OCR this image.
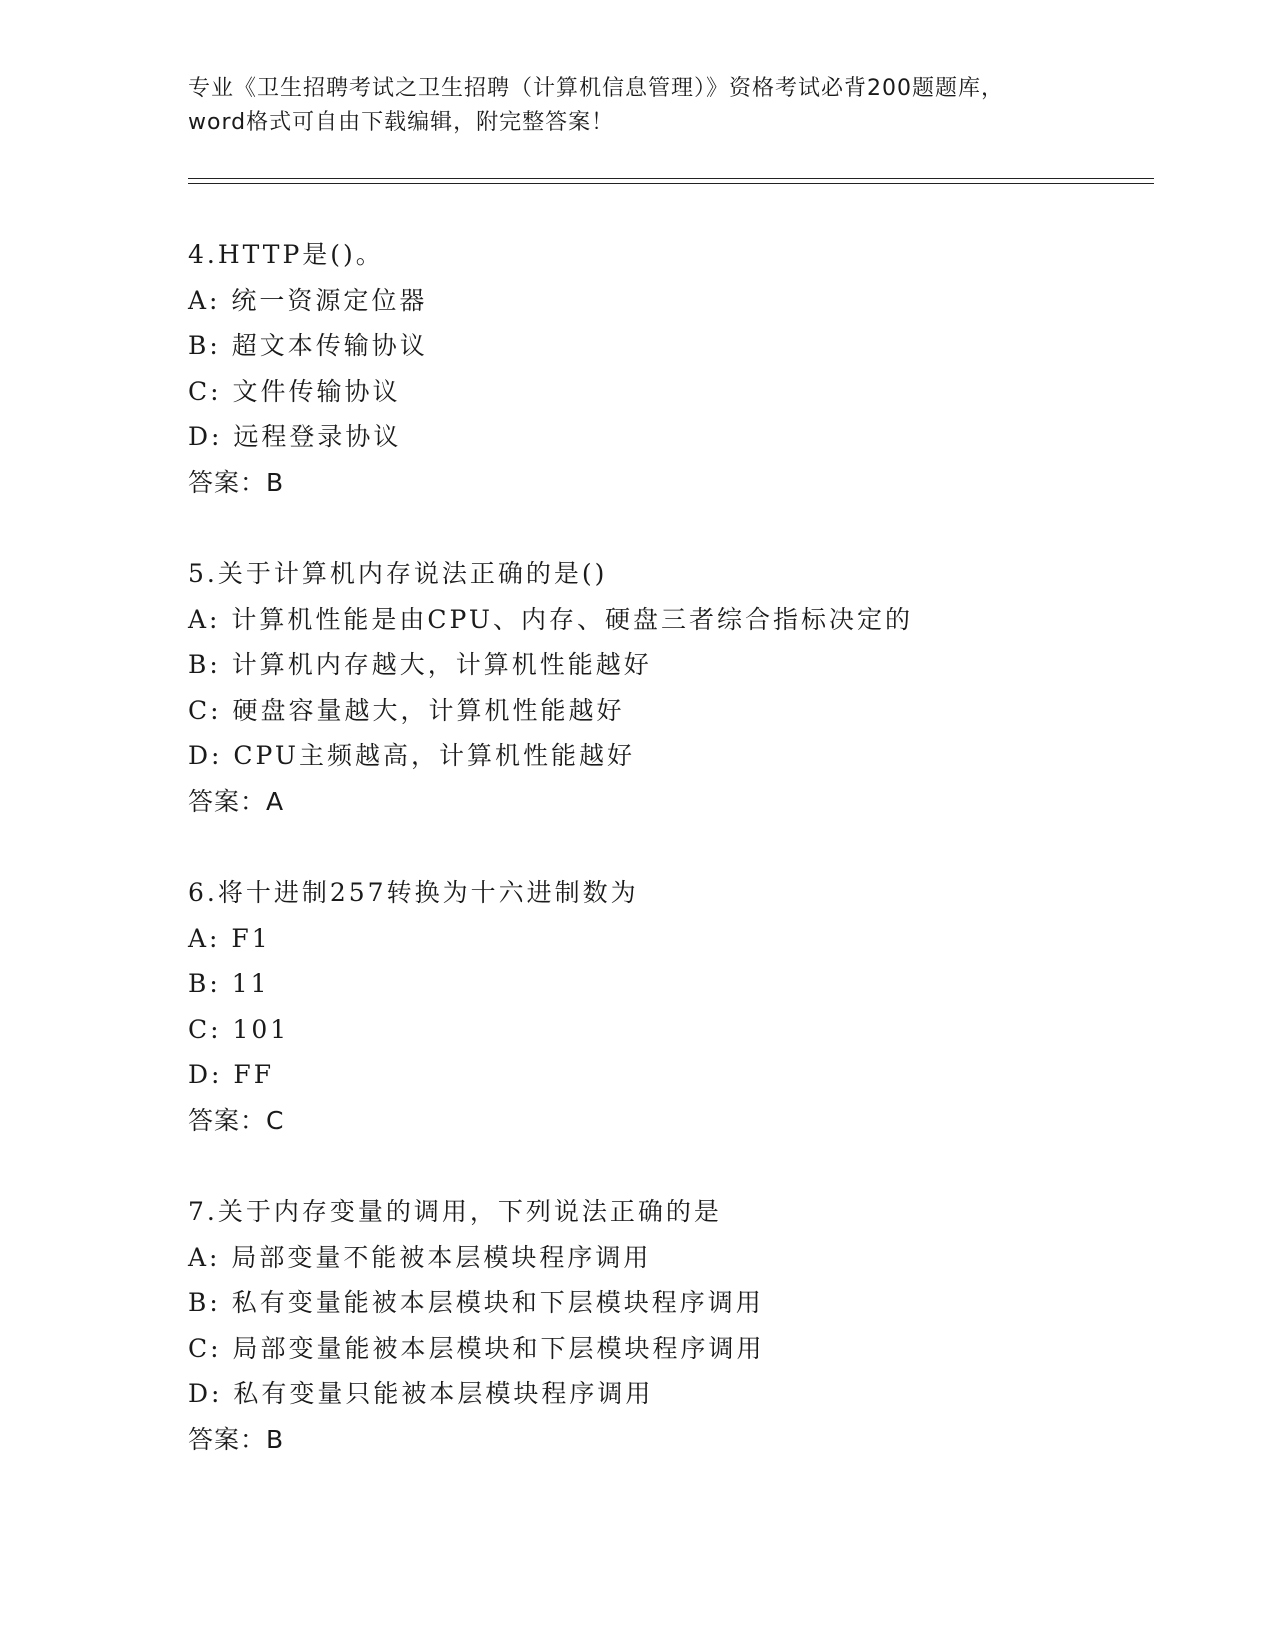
专业《卫生招聘考试之卫生招聘（计算机信息管理）》资格考试必背200题题库，
word格式可自由下载编辑，附完整答案！
4.HTTP是()。
A: 统一资源定位器
B: 超文本传输协议
C: 文件传输协议
D: 远程登录协议
答案：B
5.关于计算机内存说法正确的是()
A: 计算机性能是由CPU、内存、硬盘三者综合指标决定的
B: 计算机内存越大，计算机性能越好
C: 硬盘容量越大，计算机性能越好
D: CPU主频越高，计算机性能越好
答案：A
6.将十进制257转换为十六进制数为
A: F1
B: 11
C: 101
D: FF
答案：C
7.关于内存变量的调用，下列说法正确的是
A: 局部变量不能被本层模块程序调用
B: 私有变量能被本层模块和下层模块程序调用
C: 局部变量能被本层模块和下层模块程序调用
D: 私有变量只能被本层模块程序调用
答案：B
